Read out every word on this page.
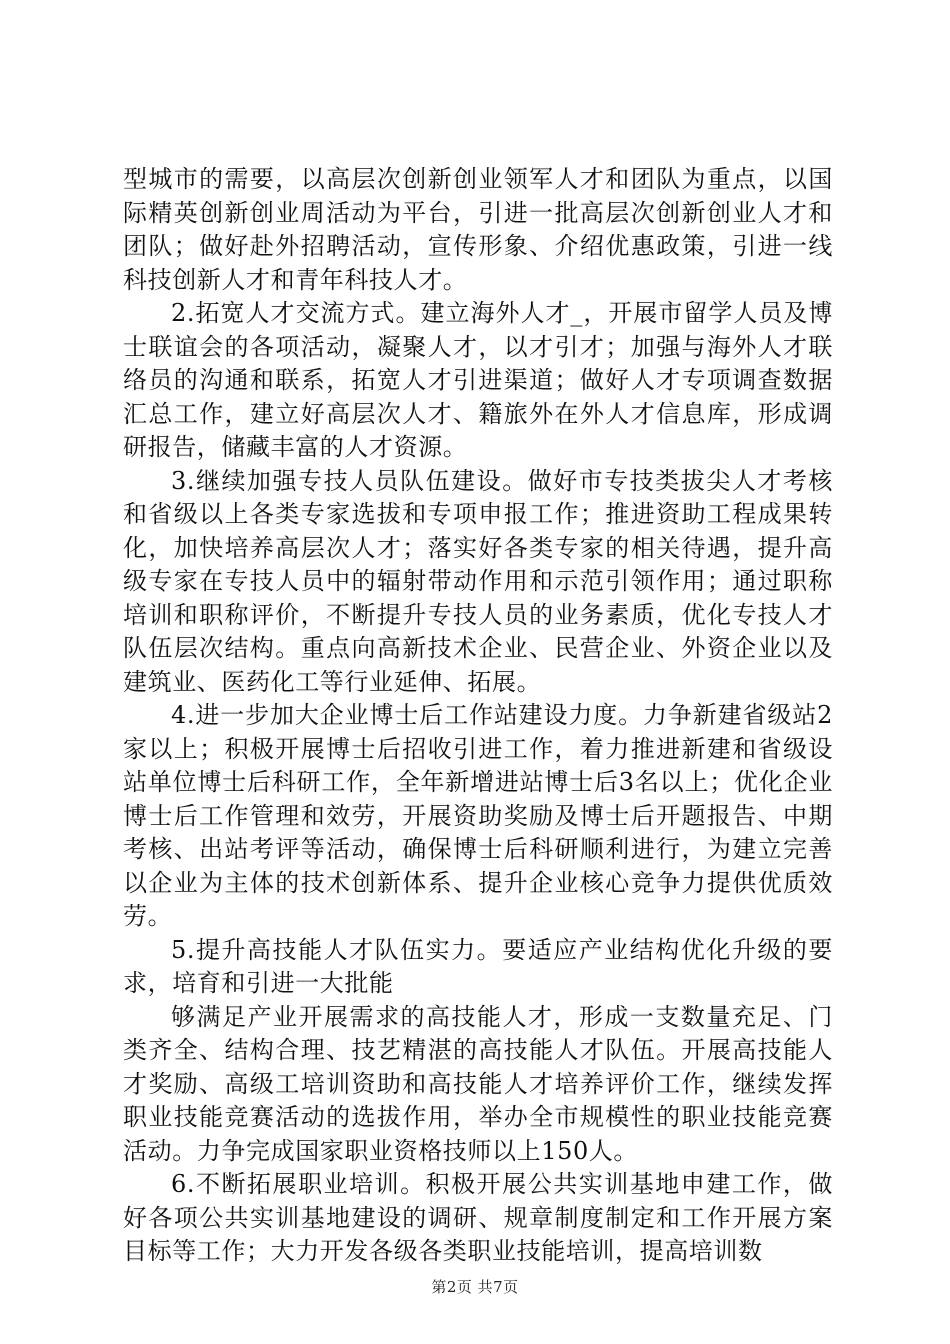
型城市的需要，以高层次创新创业领军人才和团队为重点，以国际精英创新创业周活动为平台，引进一批高层次创新创业人才和团队；做好赴外招聘活动，宣传形象、介绍优惠政策，引进一线科技创新人才和青年科技人才。

2.拓宽人才交流方式。建立海外人才_，开展市留学人员及博士联谊会的各项活动，凝聚人才，以才引才；加强与海外人才联络员的沟通和联系，拓宽人才引进渠道；做好人才专项调查数据汇总工作，建立好高层次人才、籍旅外在外人才信息库，形成调研报告，储藏丰富的人才资源。

3.继续加强专技人员队伍建设。做好市专技类拔尖人才考核和省级以上各类专家选拔和专项申报工作；推进资助工程成果转化，加快培养高层次人才；落实好各类专家的相关待遇，提升高级专家在专技人员中的辐射带动作用和示范引领作用；通过职称培训和职称评价，不断提升专技人员的业务素质，优化专技人才队伍层次结构。重点向高新技术企业、民营企业、外资企业以及建筑业、医药化工等行业延伸、拓展。

4.进一步加大企业博士后工作站建设力度。力争新建省级站2家以上；积极开展博士后招收引进工作，着力推进新建和省级设站单位博士后科研工作，全年新增进站博士后3名以上；优化企业博士后工作管理和效劳，开展资助奖励及博士后开题报告、中期考核、出站考评等活动，确保博士后科研顺利进行，为建立完善以企业为主体的技术创新体系、提升企业核心竞争力提供优质效劳。

5.提升高技能人才队伍实力。要适应产业结构优化升级的要求，培育和引进一大批能

够满足产业开展需求的高技能人才，形成一支数量充足、门类齐全、结构合理、技艺精湛的高技能人才队伍。开展高技能人才奖励、高级工培训资助和高技能人才培养评价工作，继续发挥职业技能竞赛活动的选拔作用，举办全市规模性的职业技能竞赛活动。力争完成国家职业资格技师以上150人。

6.不断拓展职业培训。积极开展公共实训基地申建工作，做好各项公共实训基地建设的调研、规章制度制定和工作开展方案目标等工作；大力开发各级各类职业技能培训，提高培训数

第2页 共7页
